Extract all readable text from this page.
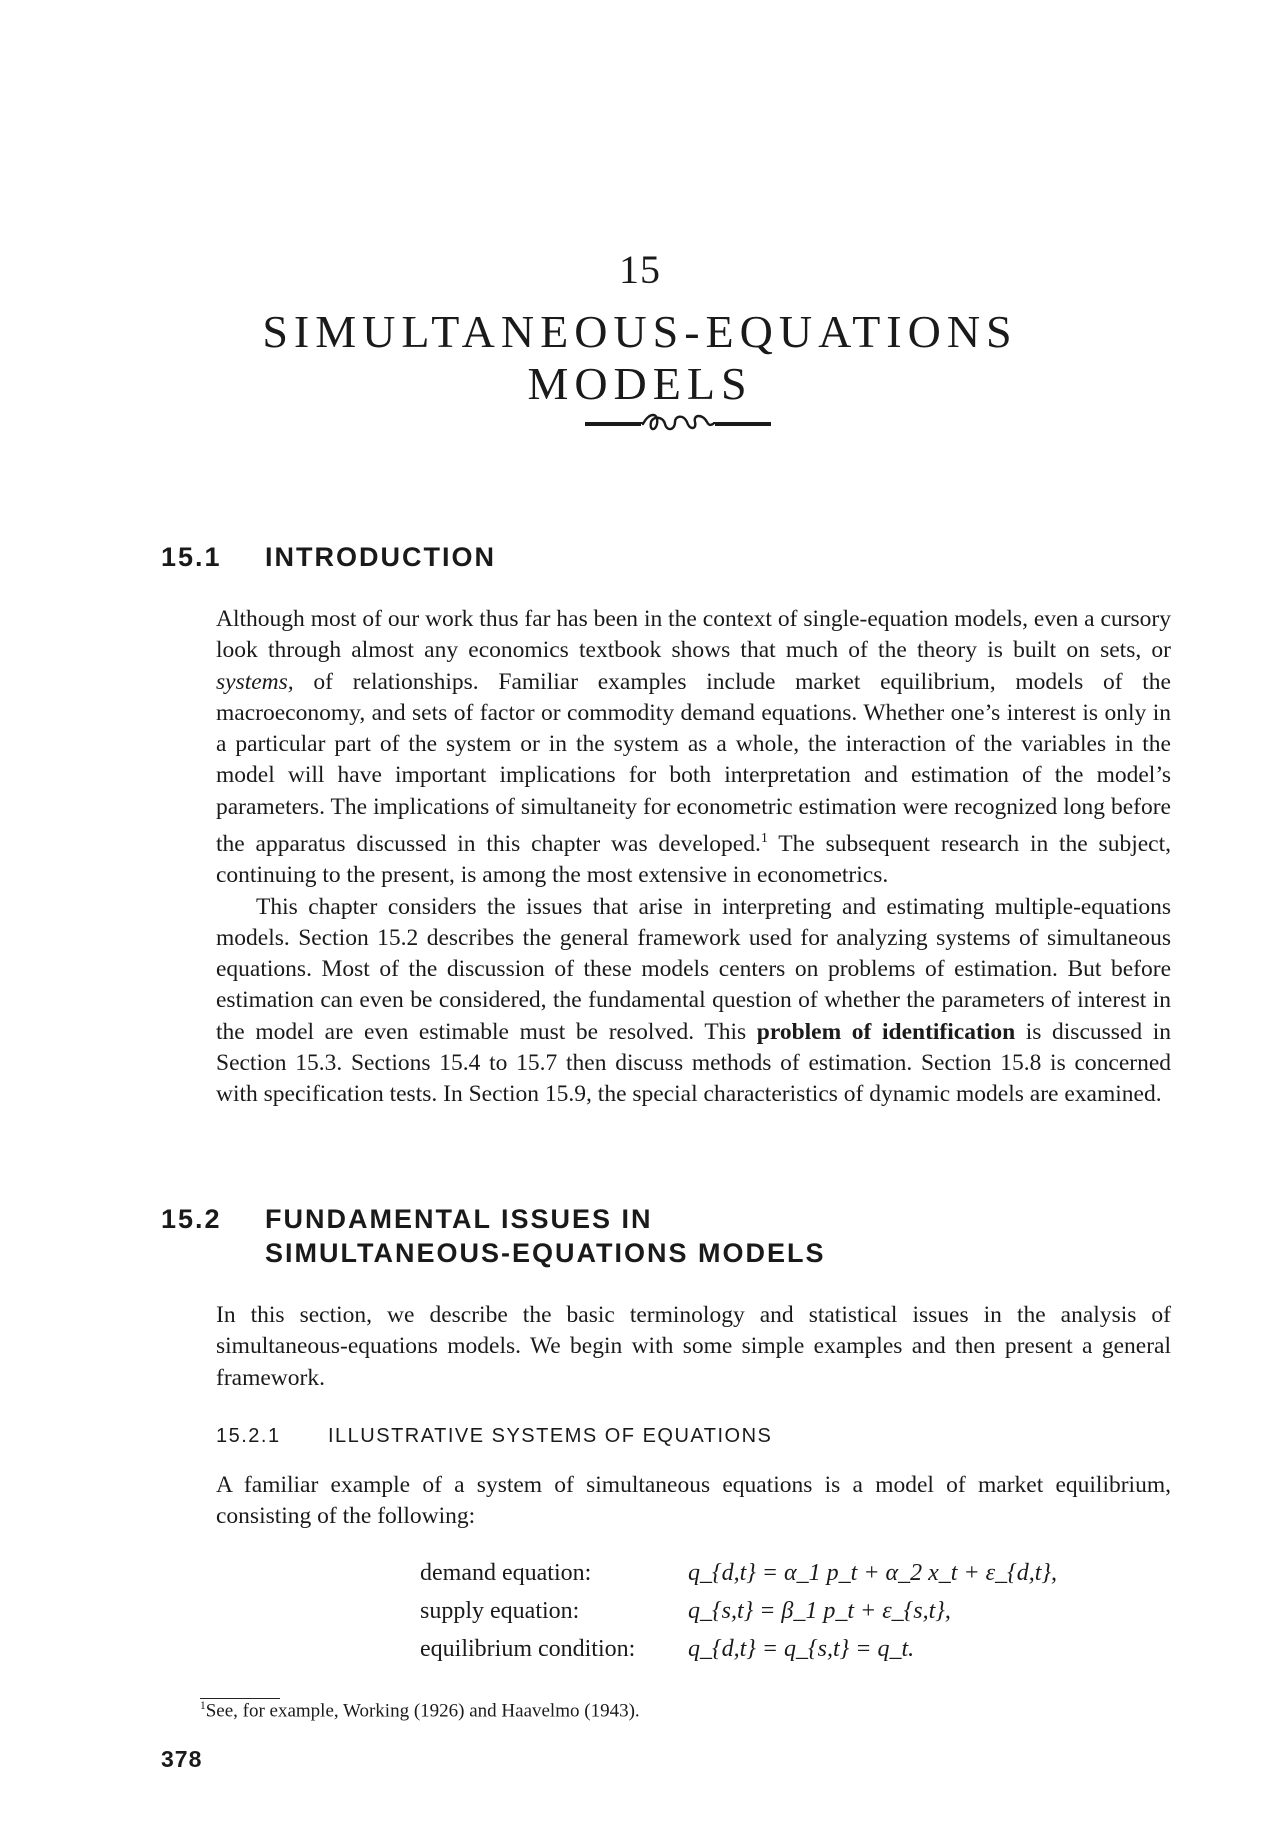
15
SIMULTANEOUS-EQUATIONS
MODELS
15.1 INTRODUCTION

Although most of our work thus far has been in the context of single-equation models, even a cursory look through almost any economics textbook shows that much of the theory is built on sets, or systems, of relationships. Familiar examples include market equilibrium, models of the macroeconomy, and sets of factor or commodity demand equations. Whether one’s interest is only in a particular part of the system or in the system as a whole, the interaction of the variables in the model will have important implications for both interpretation and estimation of the model’s parameters. The implications of simultaneity for econometric estimation were recognized long before the apparatus discussed in this chapter was developed.$^1$ The subsequent research in the subject, continuing to the present, is among the most extensive in econometrics.

This chapter considers the issues that arise in interpreting and estimating multiple-equations models. Section 15.2 describes the general framework used for analyzing systems of simultaneous equations. Most of the discussion of these models centers on problems of estimation. But before estimation can even be considered, the fundamental question of whether the parameters of interest in the model are even estimable must be resolved. This problem of identification is discussed in Section 15.3. Sections 15.4 to 15.7 then discuss methods of estimation. Section 15.8 is concerned with specification tests. In Section 15.9, the special characteristics of dynamic models are examined.

15.2 FUNDAMENTAL ISSUES IN
SIMULTANEOUS-EQUATIONS MODELS

In this section, we describe the basic terminology and statistical issues in the analysis of simultaneous-equations models. We begin with some simple examples and then present a general framework.

15.2.1 ILLUSTRATIVE SYSTEMS OF EQUATIONS

A familiar example of a system of simultaneous equations is a model of market equilibrium, consisting of the following:

demand equation:	q_{d,t} = α_1 p_t + α_2 x_t + ε_{d,t},
supply equation:	q_{s,t} = β_1 p_t + ε_{s,t},
equilibrium condition: q_{d,t} = q_{s,t} = q_t.
$^1$See, for example, Working (1926) and Haavelmo (1943).
378
